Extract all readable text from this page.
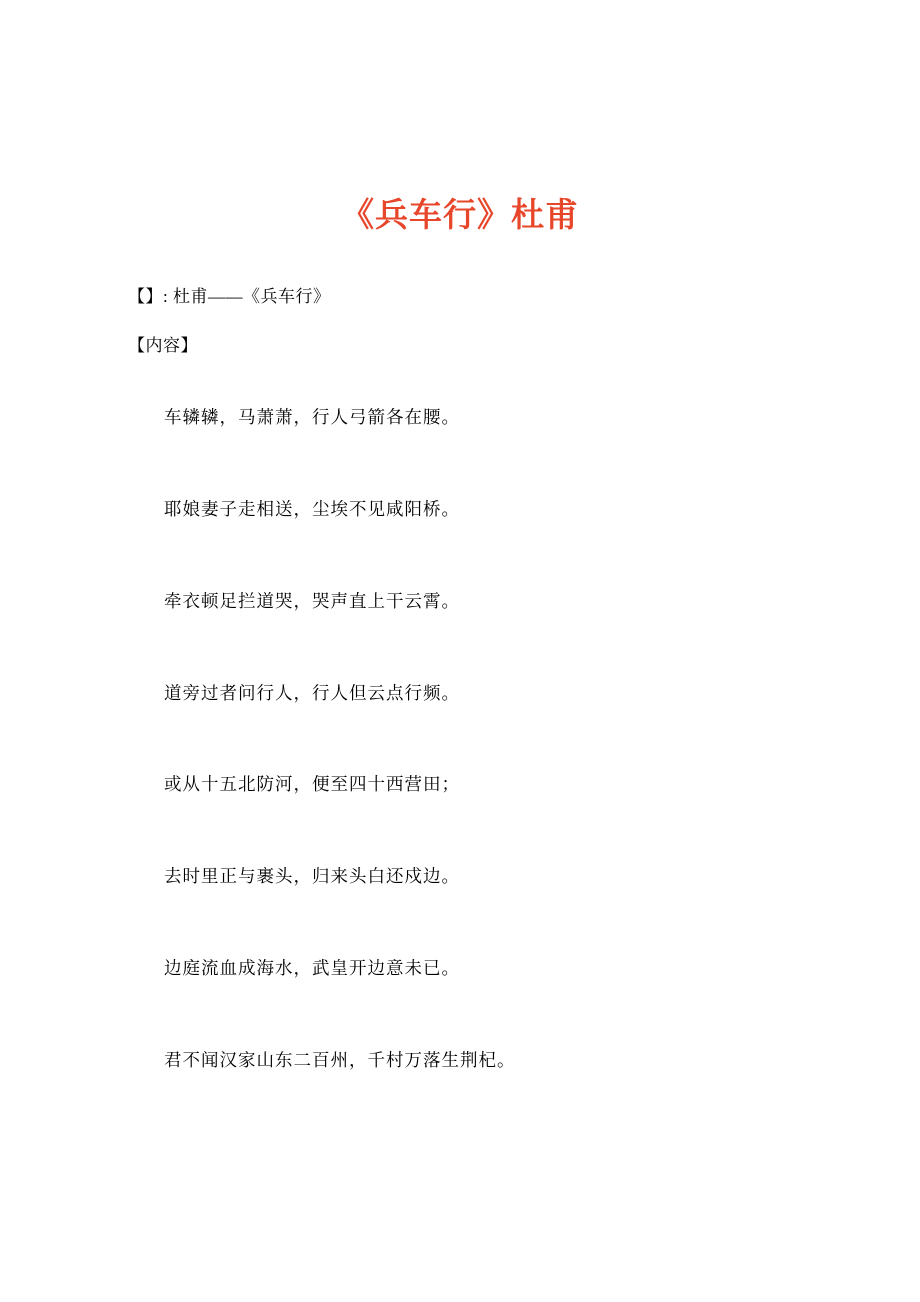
《兵车行》杜甫
【】: 杜甫——《兵车行》
【内容】
车辚辚，马萧萧，行人弓箭各在腰。
耶娘妻子走相送，尘埃不见咸阳桥。
牵衣顿足拦道哭，哭声直上干云霄。
道旁过者问行人，行人但云点行频。
或从十五北防河，便至四十西营田；
去时里正与裹头，归来头白还戍边。
边庭流血成海水，武皇开边意未已。
君不闻汉家山东二百州，千村万落生荆杞。
